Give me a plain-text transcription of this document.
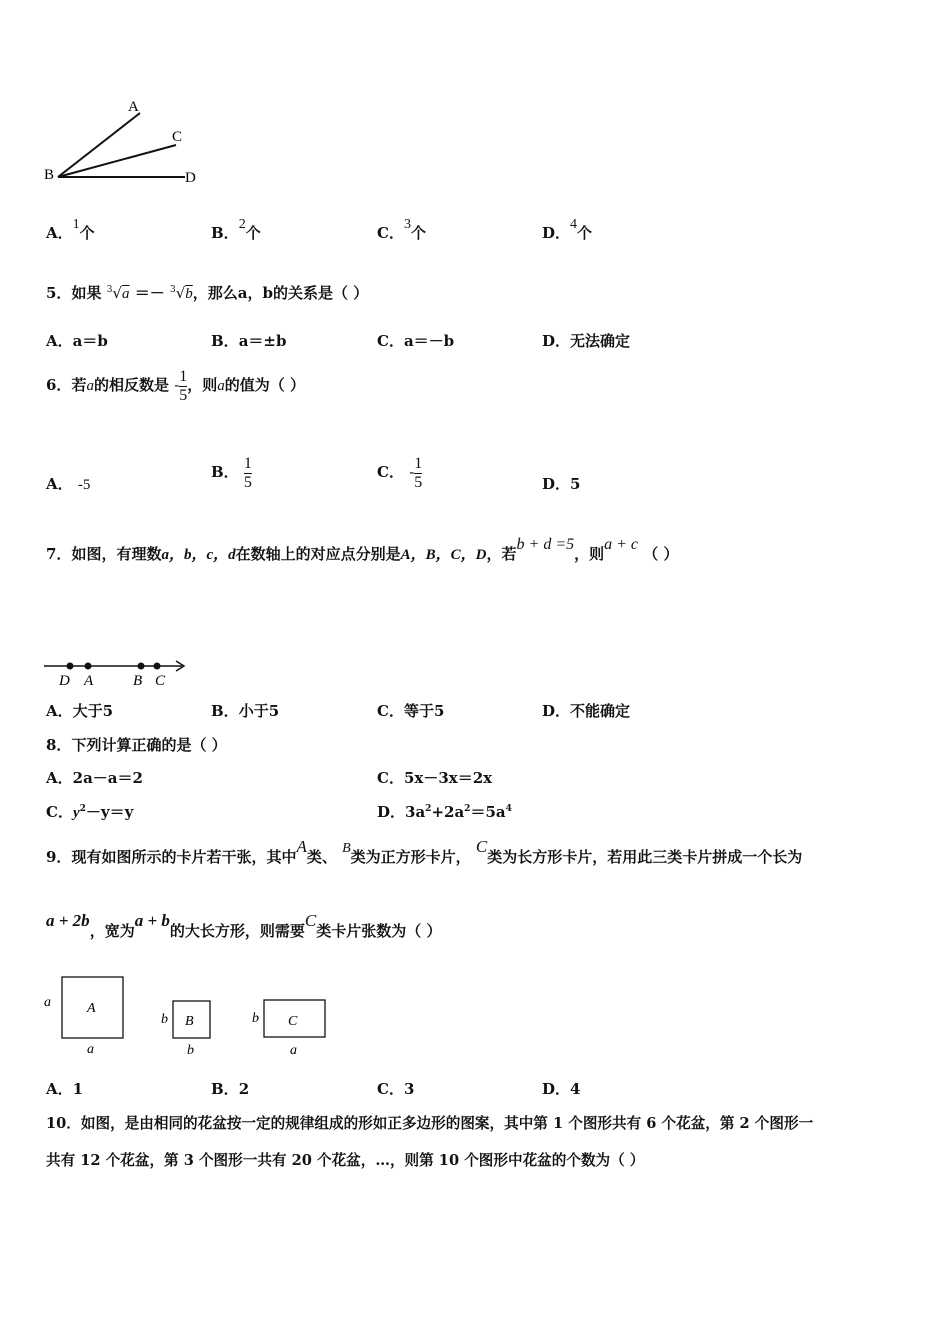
A
B
C
D
A．1个	B．2个	C．3个	D．4个
5．如果 $^3$√a ＝－ $^3$√b，那么a，b的关系是（ ）
A．a＝b	B．a＝±b	C．a＝－b	D．无法确定
6．若a的相反数是 - $\frac{1}{5}$ ，则a的值为（ ）
A． -5
B． $\frac{1}{5}$	C． - $\frac{1}{5}$	D．5
7．如图，有理数a，b，c，d在数轴上的对应点分别是A，B，C，D，若b + d =5，则a + c （ ）
D A	B C
A．大于5	B．小于5	C．等于5	D．不能确定
8．下列计算正确的是（ ）
A．2a－a＝2	C．5x－3x＝2x
C．$y^2-y=y$	D．$3a^2+2a^2=5a^4$
9．现有如图所示的卡片若干张，其中A类、 B类为正方形卡片， C类为长方形卡片，若用此三类卡片拼成一个长为
a + 2b，宽为a + b的大长方形，则需要C类卡片张数为（ ）
A
a
a
B
b
b
C
b
a
A．1	B．2	C．3	D．4
10．如图，是由相同的花盆按一定的规律组成的形如正多边形的图案，其中第 1 个图形共有 6 个花盆，第 2 个图形一
共有 12 个花盆，第 3 个图形一共有 20 个花盆，…，则第 10 个图形中花盆的个数为（ ）
